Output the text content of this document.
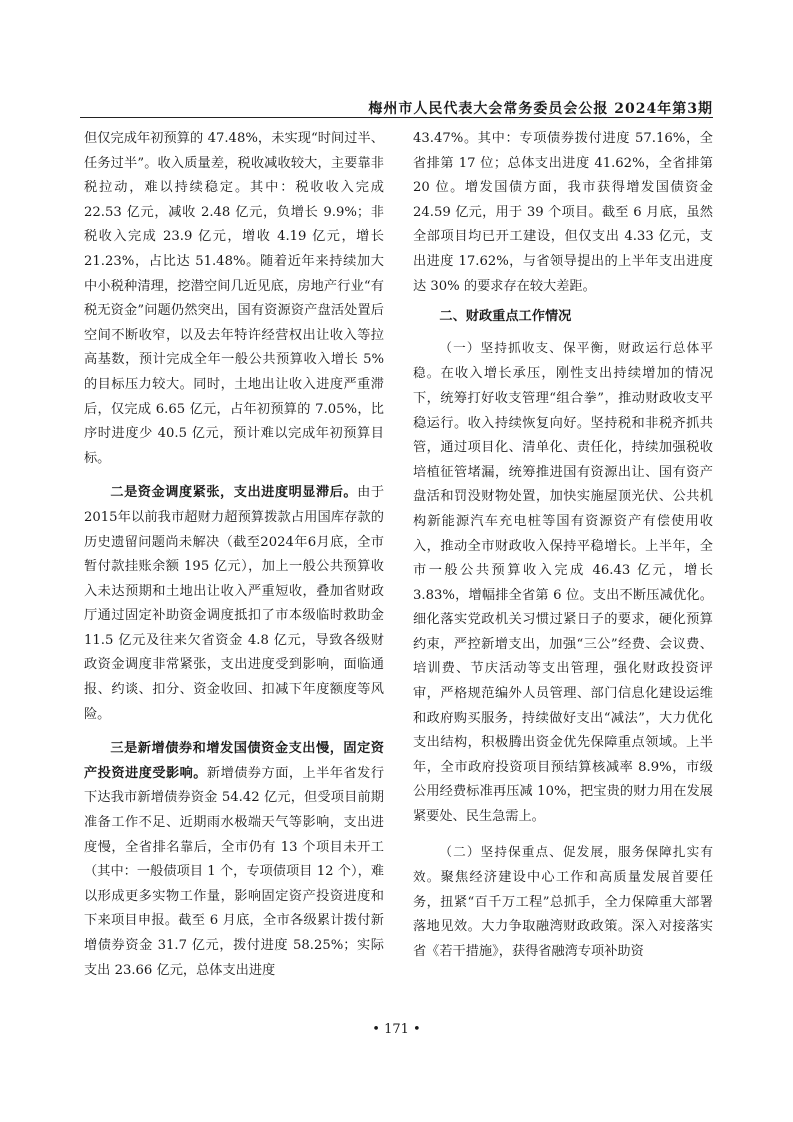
梅州市人民代表大会常务委员会公报 2024年第3期

但仅完成年初预算的 47.48%，未实现“时间过半、任务过半”。收入质量差，税收减收较大，主要靠非税拉动，难以持续稳定。其中：税收收入完成 22.53 亿元，减收 2.48 亿元，负增长 9.9%；非税收入完成 23.9 亿元，增收 4.19 亿元，增长 21.23%，占比达 51.48%。随着近年来持续加大中小税种清理，挖潜空间几近见底，房地产行业“有税无资金”问题仍然突出，国有资源资产盘活处置后空间不断收窄，以及去年特许经营权出让收入等拉高基数，预计完成全年一般公共预算收入增长 5%的目标压力较大。同时，土地出让收入进度严重滞后，仅完成 6.65 亿元，占年初预算的 7.05%，比序时进度少 40.5 亿元，预计难以完成年初预算目标。

二是资金调度紧张，支出进度明显滞后。由于2015年以前我市超财力超预算拨款占用国库存款的历史遗留问题尚未解决（截至2024年6月底，全市暂付款挂账余额 195 亿元），加上一般公共预算收入未达预期和土地出让收入严重短收，叠加省财政厅通过固定补助资金调度抵扣了市本级临时救助金 11.5 亿元及往来欠省资金 4.8 亿元，导致各级财政资金调度非常紧张，支出进度受到影响，面临通报、约谈、扣分、资金收回、扣减下年度额度等风险。

三是新增债券和增发国债资金支出慢，固定资产投资进度受影响。新增债券方面，上半年省发行下达我市新增债券资金 54.42 亿元，但受项目前期准备工作不足、近期雨水极端天气等影响，支出进度慢，全省排名靠后，全市仍有 13 个项目未开工（其中：一般债项目 1 个，专项债项目 12 个），难以形成更多实物工作量，影响固定资产投资进度和下来项目申报。截至 6 月底，全市各级累计拨付新增债券资金 31.7 亿元，拨付进度 58.25%；实际支出 23.66 亿元，总体支出进度

43.47%。其中：专项债券拨付进度 57.16%，全省排第 17 位；总体支出进度 41.62%，全省排第 20 位。增发国债方面，我市获得增发国债资金 24.59 亿元，用于 39 个项目。截至 6 月底，虽然全部项目均已开工建设，但仅支出 4.33 亿元，支出进度 17.62%，与省领导提出的上半年支出进度达 30% 的要求存在较大差距。

二、财政重点工作情况

（一）坚持抓收支、保平衡，财政运行总体平稳。在收入增长承压，刚性支出持续增加的情况下，统筹打好收支管理“组合拳”，推动财政收支平稳运行。收入持续恢复向好。坚持税和非税齐抓共管，通过项目化、清单化、责任化，持续加强税收培植征管堵漏，统筹推进国有资源出让、国有资产盘活和罚没财物处置，加快实施屋顶光伏、公共机构新能源汽车充电桩等国有资源资产有偿使用收入，推动全市财政收入保持平稳增长。上半年，全市一般公共预算收入完成 46.43 亿元，增长 3.83%，增幅排全省第 6 位。支出不断压减优化。细化落实党政机关习惯过紧日子的要求，硬化预算约束，严控新增支出，加强“三公”经费、会议费、培训费、节庆活动等支出管理，强化财政投资评审，严格规范编外人员管理、部门信息化建设运维和政府购买服务，持续做好支出“减法”，大力优化支出结构，积极腾出资金优先保障重点领域。上半年，全市政府投资项目预结算核减率 8.9%，市级公用经费标准再压减 10%，把宝贵的财力用在发展紧要处、民生急需上。

（二）坚持保重点、促发展，服务保障扎实有效。聚焦经济建设中心工作和高质量发展首要任务，扭紧“百千万工程”总抓手，全力保障重大部署落地见效。大力争取融湾财政政策。深入对接落实省《若干措施》，获得省融湾专项补助资

• 171 •
